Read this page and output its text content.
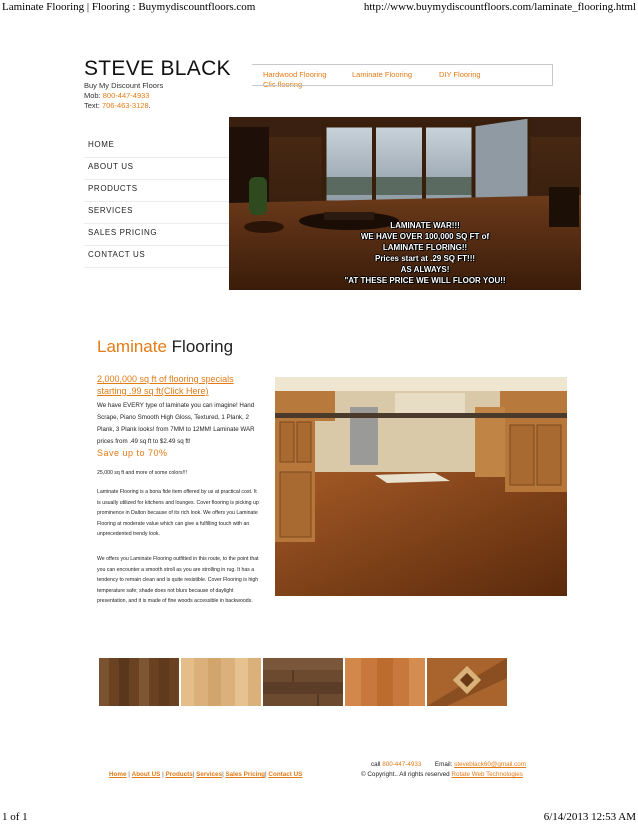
Laminate Flooring | Flooring : Buymydiscountfloors.com	http://www.buymydiscountfloors.com/laminate_flooring.html
STEVE BLACK
Buy My Discount Floors
Mob: 800-447-4933
Text: 706-463-3128.
Hardwood Flooring	Laminate Flooring	DIY Flooring
HOME
ABOUT US
PRODUCTS
SERVICES
SALES PRICING
CONTACT US
LAMINATE WAR!!!
WE HAVE OVER 100,000 SQ FT of
LAMINATE FLORING!!
Prices start at .29 SQ FT!!!
AS ALWAYS!
"AT THESE PRICE WE WILL FLOOR YOU!!
Laminate Flooring
2,000,000 sq ft of flooring specials starting .99 sq ft(Click Here)
We have EVERY type of laminate you can imagine! Hand Scrape, Piano Smooth High Gloss, Textured, 1 Plank, 2 Plank, 3 Plank looks! from 7MM to 12MM! Laminate WAR prices from .49 sq ft to $2.49 sq ft!
Save up to 70%
25,000 sq ft and more of some colors!!!
Laminate Flooring is a bona fide item offered by us at practical cost. It is usually utilized for kitchens and lounges. Cover flooring is picking up prominence in Dalton because of its rich look. We offers you Laminate Flooring at moderate value which can give a fulfilling touch with an unprecedented trendy look.
We offers you Laminate Flooring outfitted in this route, to the point that you can encounter a smooth stroll as you are strolling in rug. It has a tendency to remain clean and is quite resistible. Cover Flooring is high temperature safe; shade does not blurs because of daylight presentation, and it is made of fine woods accessible in backwoods.
Home | About US | Products| Services| Sales Pricing| Contact US
call 800-447-4933 Email: steveblack60@gmail.com
© Copyright.. All rights reserved Rotate Web Technologies
1 of 1	6/14/2013 12:53 AM
